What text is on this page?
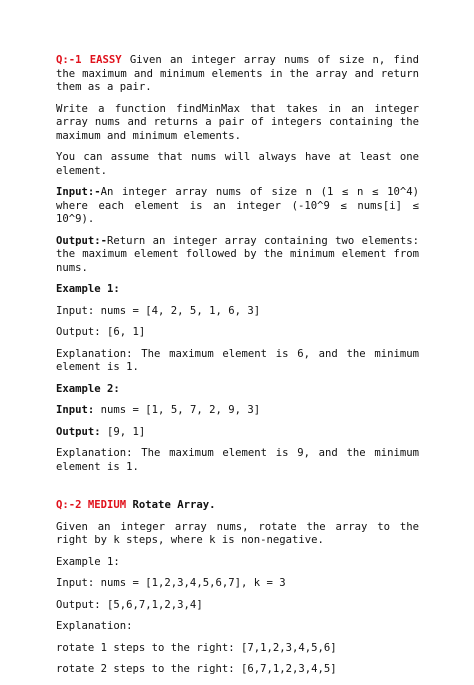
Q:-1 EASSY Given an integer array nums of size n, find the maximum and minimum elements in the array and return them as a pair.

Write a function findMinMax that takes in an integer array nums and returns a pair of integers containing the maximum and minimum elements.

You can assume that nums will always have at least one element.

Input:-An integer array nums of size n (1 ≤ n ≤ 10^4) where each element is an integer (-10^9 ≤ nums[i] ≤ 10^9).

Output:-Return an integer array containing two elements: the maximum element followed by the minimum element from nums.

Example 1:

Input: nums = [4, 2, 5, 1, 6, 3]

Output: [6, 1]

Explanation: The maximum element is 6, and the minimum element is 1.

Example 2:

Input: nums = [1, 5, 7, 2, 9, 3]

Output: [9, 1]

Explanation: The maximum element is 9, and the minimum element is 1.

Q:-2 MEDIUM Rotate Array.

Given an integer array nums, rotate the array to the right by k steps, where k is non-negative.

Example 1:

Input: nums = [1,2,3,4,5,6,7], k = 3

Output: [5,6,7,1,2,3,4]

Explanation:

rotate 1 steps to the right: [7,1,2,3,4,5,6]

rotate 2 steps to the right: [6,7,1,2,3,4,5]
